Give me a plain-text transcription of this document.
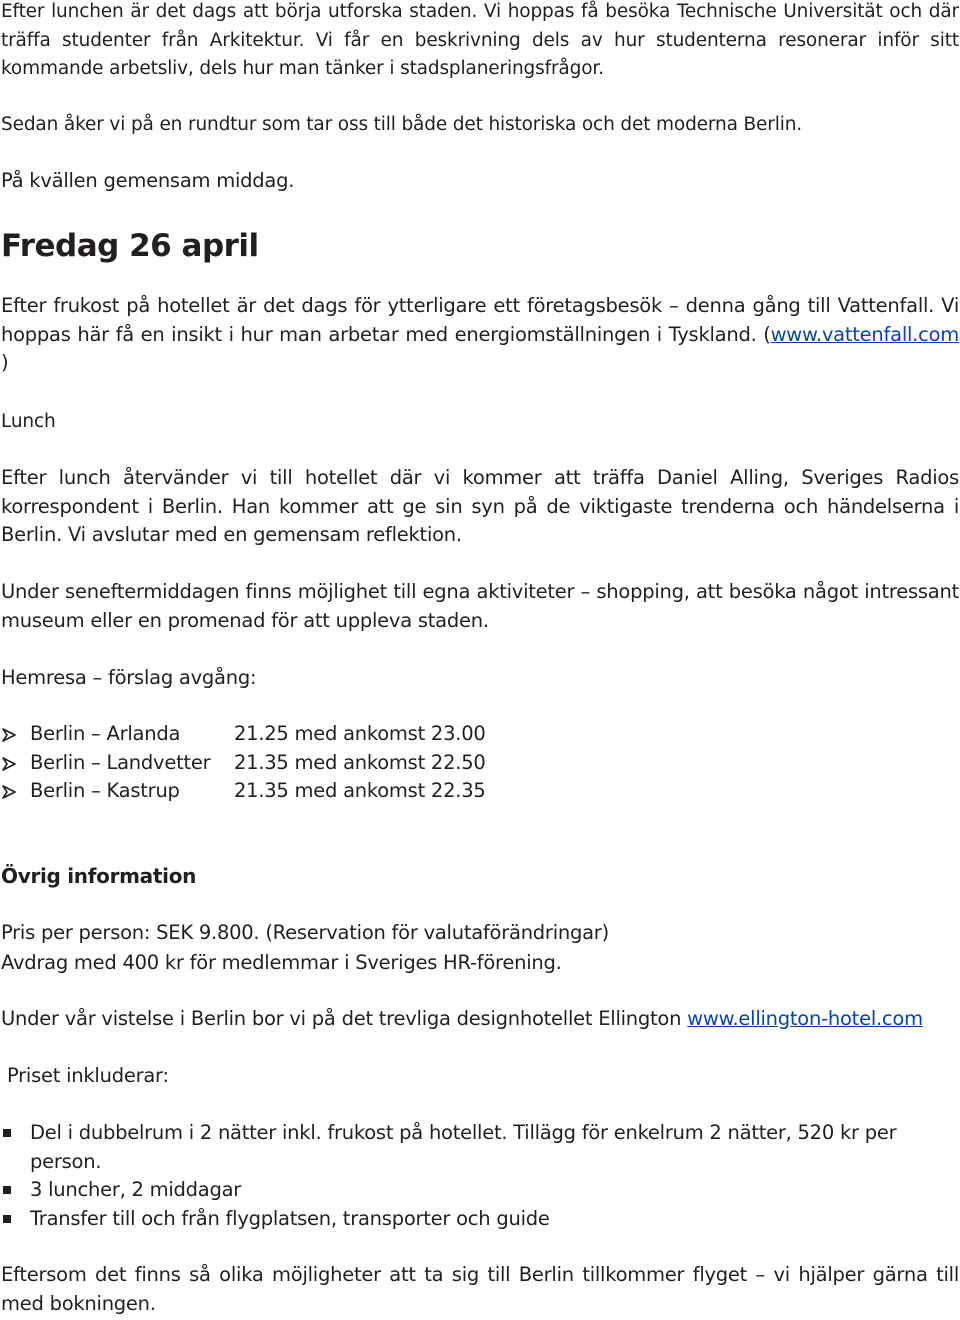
Efter lunchen är det dags att börja utforska staden. Vi hoppas få besöka Technische Universität och där träffa studenter från Arkitektur. Vi får en beskrivning dels av hur studenterna resonerar inför sitt kommande arbetsliv, dels hur man tänker i stadsplaneringsfrågor.
Sedan åker vi på en rundtur som tar oss till både det historiska och det moderna Berlin.
På kvällen gemensam middag.
Fredag 26 april
Efter frukost på hotellet är det dags för ytterligare ett företagsbesök – denna gång till Vattenfall. Vi hoppas här få en insikt i hur man arbetar med energiomställningen i Tyskland. (www.vattenfall.com )
Lunch
Efter lunch återvänder vi till hotellet där vi kommer att träffa Daniel Alling, Sveriges Radios korrespondent i Berlin. Han kommer att ge sin syn på de viktigaste trenderna och händelserna i Berlin. Vi avslutar med en gemensam reflektion.
Under seneftermiddagen finns möjlighet till egna aktiviteter – shopping, att besöka något intressant museum eller en promenad för att uppleva staden.
Hemresa – förslag avgång:
Berlin – Arlanda	21.25 med ankomst 23.00
Berlin – Landvetter 21.35 med ankomst 22.50
Berlin – Kastrup	21.35 med ankomst 22.35
Övrig information
Pris per person: SEK 9.800. (Reservation för valutaförändringar)
Avdrag med 400 kr för medlemmar i Sveriges HR-förening.
Under vår vistelse i Berlin bor vi på det trevliga designhotellet Ellington www.ellington-hotel.com
Priset inkluderar:
Del i dubbelrum i 2 nätter inkl. frukost på hotellet. Tillägg för enkelrum 2 nätter, 520 kr per person.
3 luncher, 2 middagar
Transfer till och från flygplatsen, transporter och guide
Eftersom det finns så olika möjligheter att ta sig till Berlin tillkommer flyget – vi hjälper gärna till med bokningen.
